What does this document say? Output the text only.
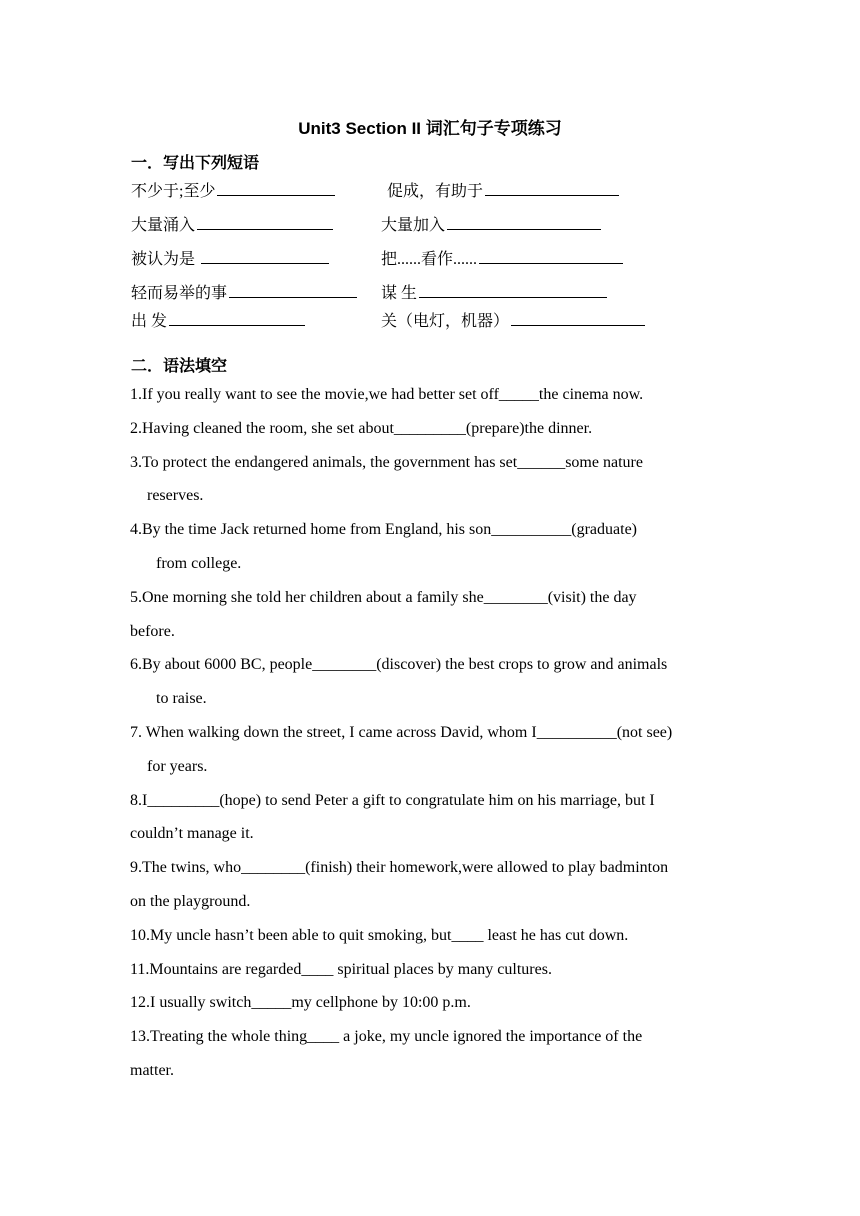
Unit3 Section II 词汇句子专项练习
一．写出下列短语
不少于;至少	促成，有助于
大量涌入	大量加入
被认为是	把......看作......
轻而易举的事	谋 生
出 发	关（电灯，机器）
二．语法填空
1.If you really want to see the movie,we had better set off_____the cinema now.
2.Having cleaned the room, she set about_________(prepare)the dinner.
3.To protect the endangered animals, the government has set______some nature
reserves.
4.By the time Jack returned home from England, his son__________(graduate)
from college.
5.One morning she told her children about a family she________(visit) the day
before.
6.By about 6000 BC, people________(discover) the best crops to grow and animals
to raise.
7. When walking down the street, I came across David, whom I__________(not see)
for years.
8.I_________(hope) to send Peter a gift to congratulate him on his marriage, but I
couldn’t manage it.
9.The twins, who________(finish) their homework,were allowed to play badminton
on the playground.
10.My uncle hasn’t been able to quit smoking, but____ least he has cut down.
11.Mountains are regarded____ spiritual places by many cultures.
12.I usually switch_____my cellphone by 10:00 p.m.
13.Treating the whole thing____ a joke, my uncle ignored the importance of the
matter.
